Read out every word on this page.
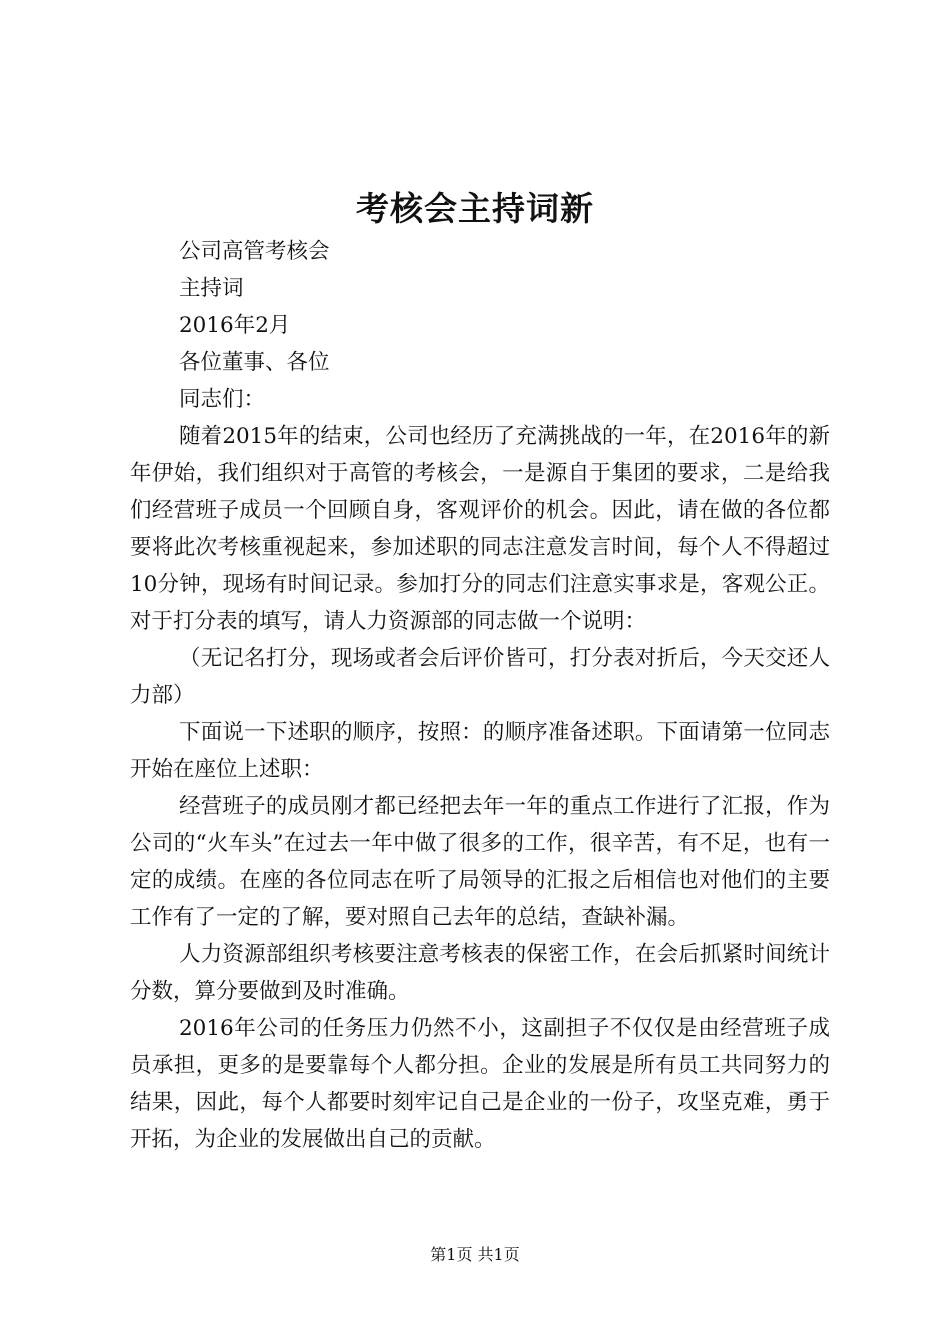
考核会主持词新

公司高管考核会

主持词

2016年2月

各位董事、各位

同志们：

随着2015年的结束，公司也经历了充满挑战的一年，在2016年的新年伊始，我们组织对于高管的考核会，一是源自于集团的要求，二是给我们经营班子成员一个回顾自身，客观评价的机会。因此，请在做的各位都要将此次考核重视起来，参加述职的同志注意发言时间，每个人不得超过10分钟，现场有时间记录。参加打分的同志们注意实事求是，客观公正。对于打分表的填写，请人力资源部的同志做一个说明：

（无记名打分，现场或者会后评价皆可，打分表对折后，今天交还人力部）

下面说一下述职的顺序，按照：的顺序准备述职。下面请第一位同志开始在座位上述职：

经营班子的成员刚才都已经把去年一年的重点工作进行了汇报，作为公司的“火车头”在过去一年中做了很多的工作，很辛苦，有不足，也有一定的成绩。在座的各位同志在听了局领导的汇报之后相信也对他们的主要工作有了一定的了解，要对照自己去年的总结，查缺补漏。

人力资源部组织考核要注意考核表的保密工作，在会后抓紧时间统计分数，算分要做到及时准确。

2016年公司的任务压力仍然不小，这副担子不仅仅是由经营班子成员承担，更多的是要靠每个人都分担。企业的发展是所有员工共同努力的结果，因此，每个人都要时刻牢记自己是企业的一份子，攻坚克难，勇于开拓，为企业的发展做出自己的贡献。

第1页 共1页
